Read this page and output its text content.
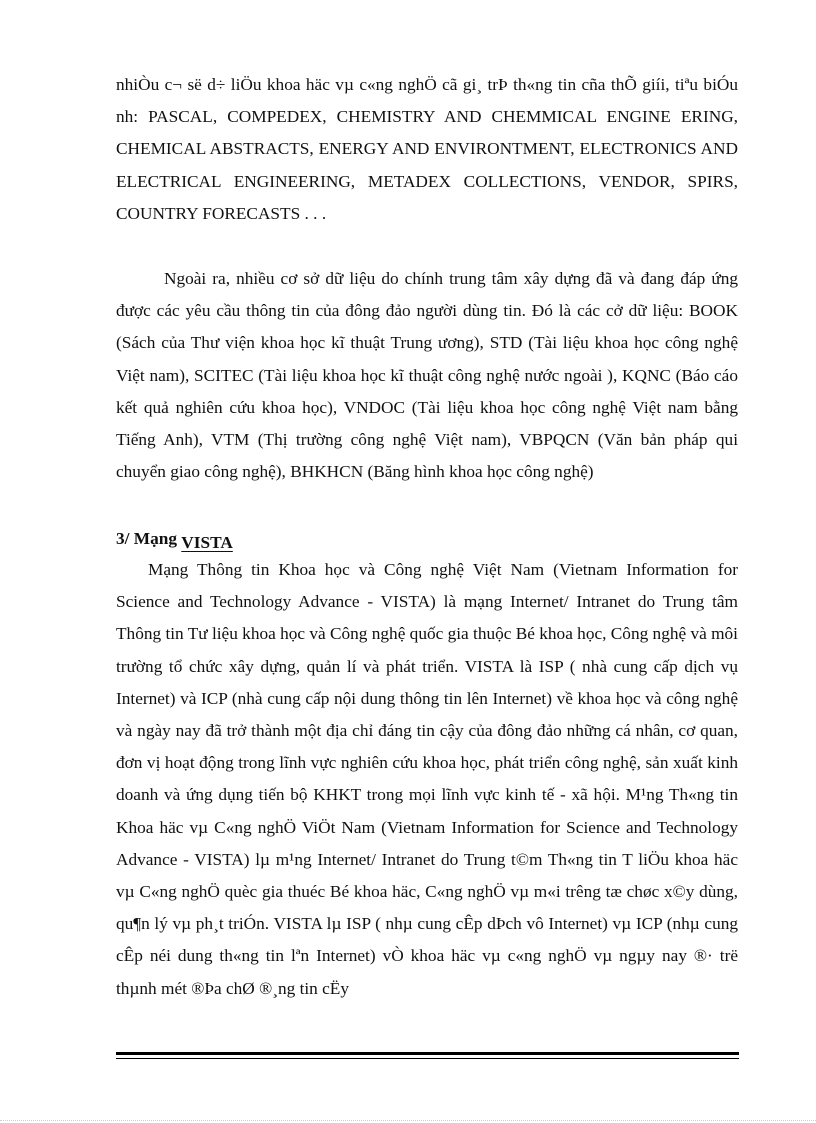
nhiÒu c¬ së d÷ liÖu khoa häc vµ c«ng nghÖ cã gi¸ trÞ th«ng tin cña thÕ giíi, tiªu biÓu nh: PASCAL, COMPEDEX, CHEMISTRY AND CHEMMICAL ENGINE ERING, CHEMICAL ABSTRACTS, ENERGY AND ENVIRONTMENT, ELECTRONICS AND ELECTRICAL ENGINEERING, METADEX COLLECTIONS, VENDOR, SPIRS, COUNTRY FORECASTS . . .

Ngoài ra, nhiều cơ sở dữ liệu do chính trung tâm xây dựng đã và đang đáp ứng được các yêu cầu thông tin của đông đảo người dùng tin. Đó là các cở dữ liệu: BOOK (Sách của Thư viện khoa học kĩ thuật Trung ương), STD (Tài liệu khoa học công nghệ Việt nam), SCITEC (Tài liệu khoa học kĩ thuật công nghệ nước ngoài ), KQNC (Báo cáo kết quả nghiên cứu khoa học), VNDOC (Tài liệu khoa học công nghệ Việt nam bằng Tiếng Anh), VTM (Thị trường công nghệ Việt nam), VBPQCN (Văn bản pháp qui chuyển giao công nghệ), BHKHCN (Băng hình khoa học công nghệ)

3/ Mạng VISTA

Mạng Thông tin Khoa học và Công nghệ Việt Nam (Vietnam Information for Science and Technology Advance - VISTA) là mạng Internet/ Intranet do Trung tâm Thông tin Tư liệu khoa học và Công nghệ quốc gia thuộc Bé khoa học, Công nghệ và môi trường tổ chức xây dựng, quản lí và phát triển. VISTA là ISP ( nhà cung cấp dịch vụ Internet) và ICP (nhà cung cấp nội dung thông tin lên Internet) về khoa học và công nghệ và ngày nay đã trở thành một địa chỉ đáng tin cậy của đông đảo những cá nhân, cơ quan, đơn vị hoạt động trong lĩnh vực nghiên cứu khoa học, phát triển công nghệ, sản xuất kinh doanh và ứng dụng tiến bộ KHKT trong mọi lĩnh vực kinh tế - xã hội. M¹ng Th«ng tin Khoa häc vµ C«ng nghÖ ViÖt Nam (Vietnam Information for Science and Technology Advance - VISTA) lµ m¹ng Internet/ Intranet do Trung t©m Th«ng tin T liÖu khoa häc vµ C«ng nghÖ quèc gia thuéc Bé khoa häc, C«ng nghÖ vµ m«i trêng tæ chøc x©y dùng, qu¶n lý vµ ph¸t triÓn. VISTA lµ ISP ( nhµ cung cÊp dÞch vô Internet) vµ ICP (nhµ cung cÊp néi dung th«ng tin lªn Internet) vÒ khoa häc vµ c«ng nghÖ vµ ngµy nay ®· trë thµnh mét ®Þa chØ ®¸ng tin cËy
